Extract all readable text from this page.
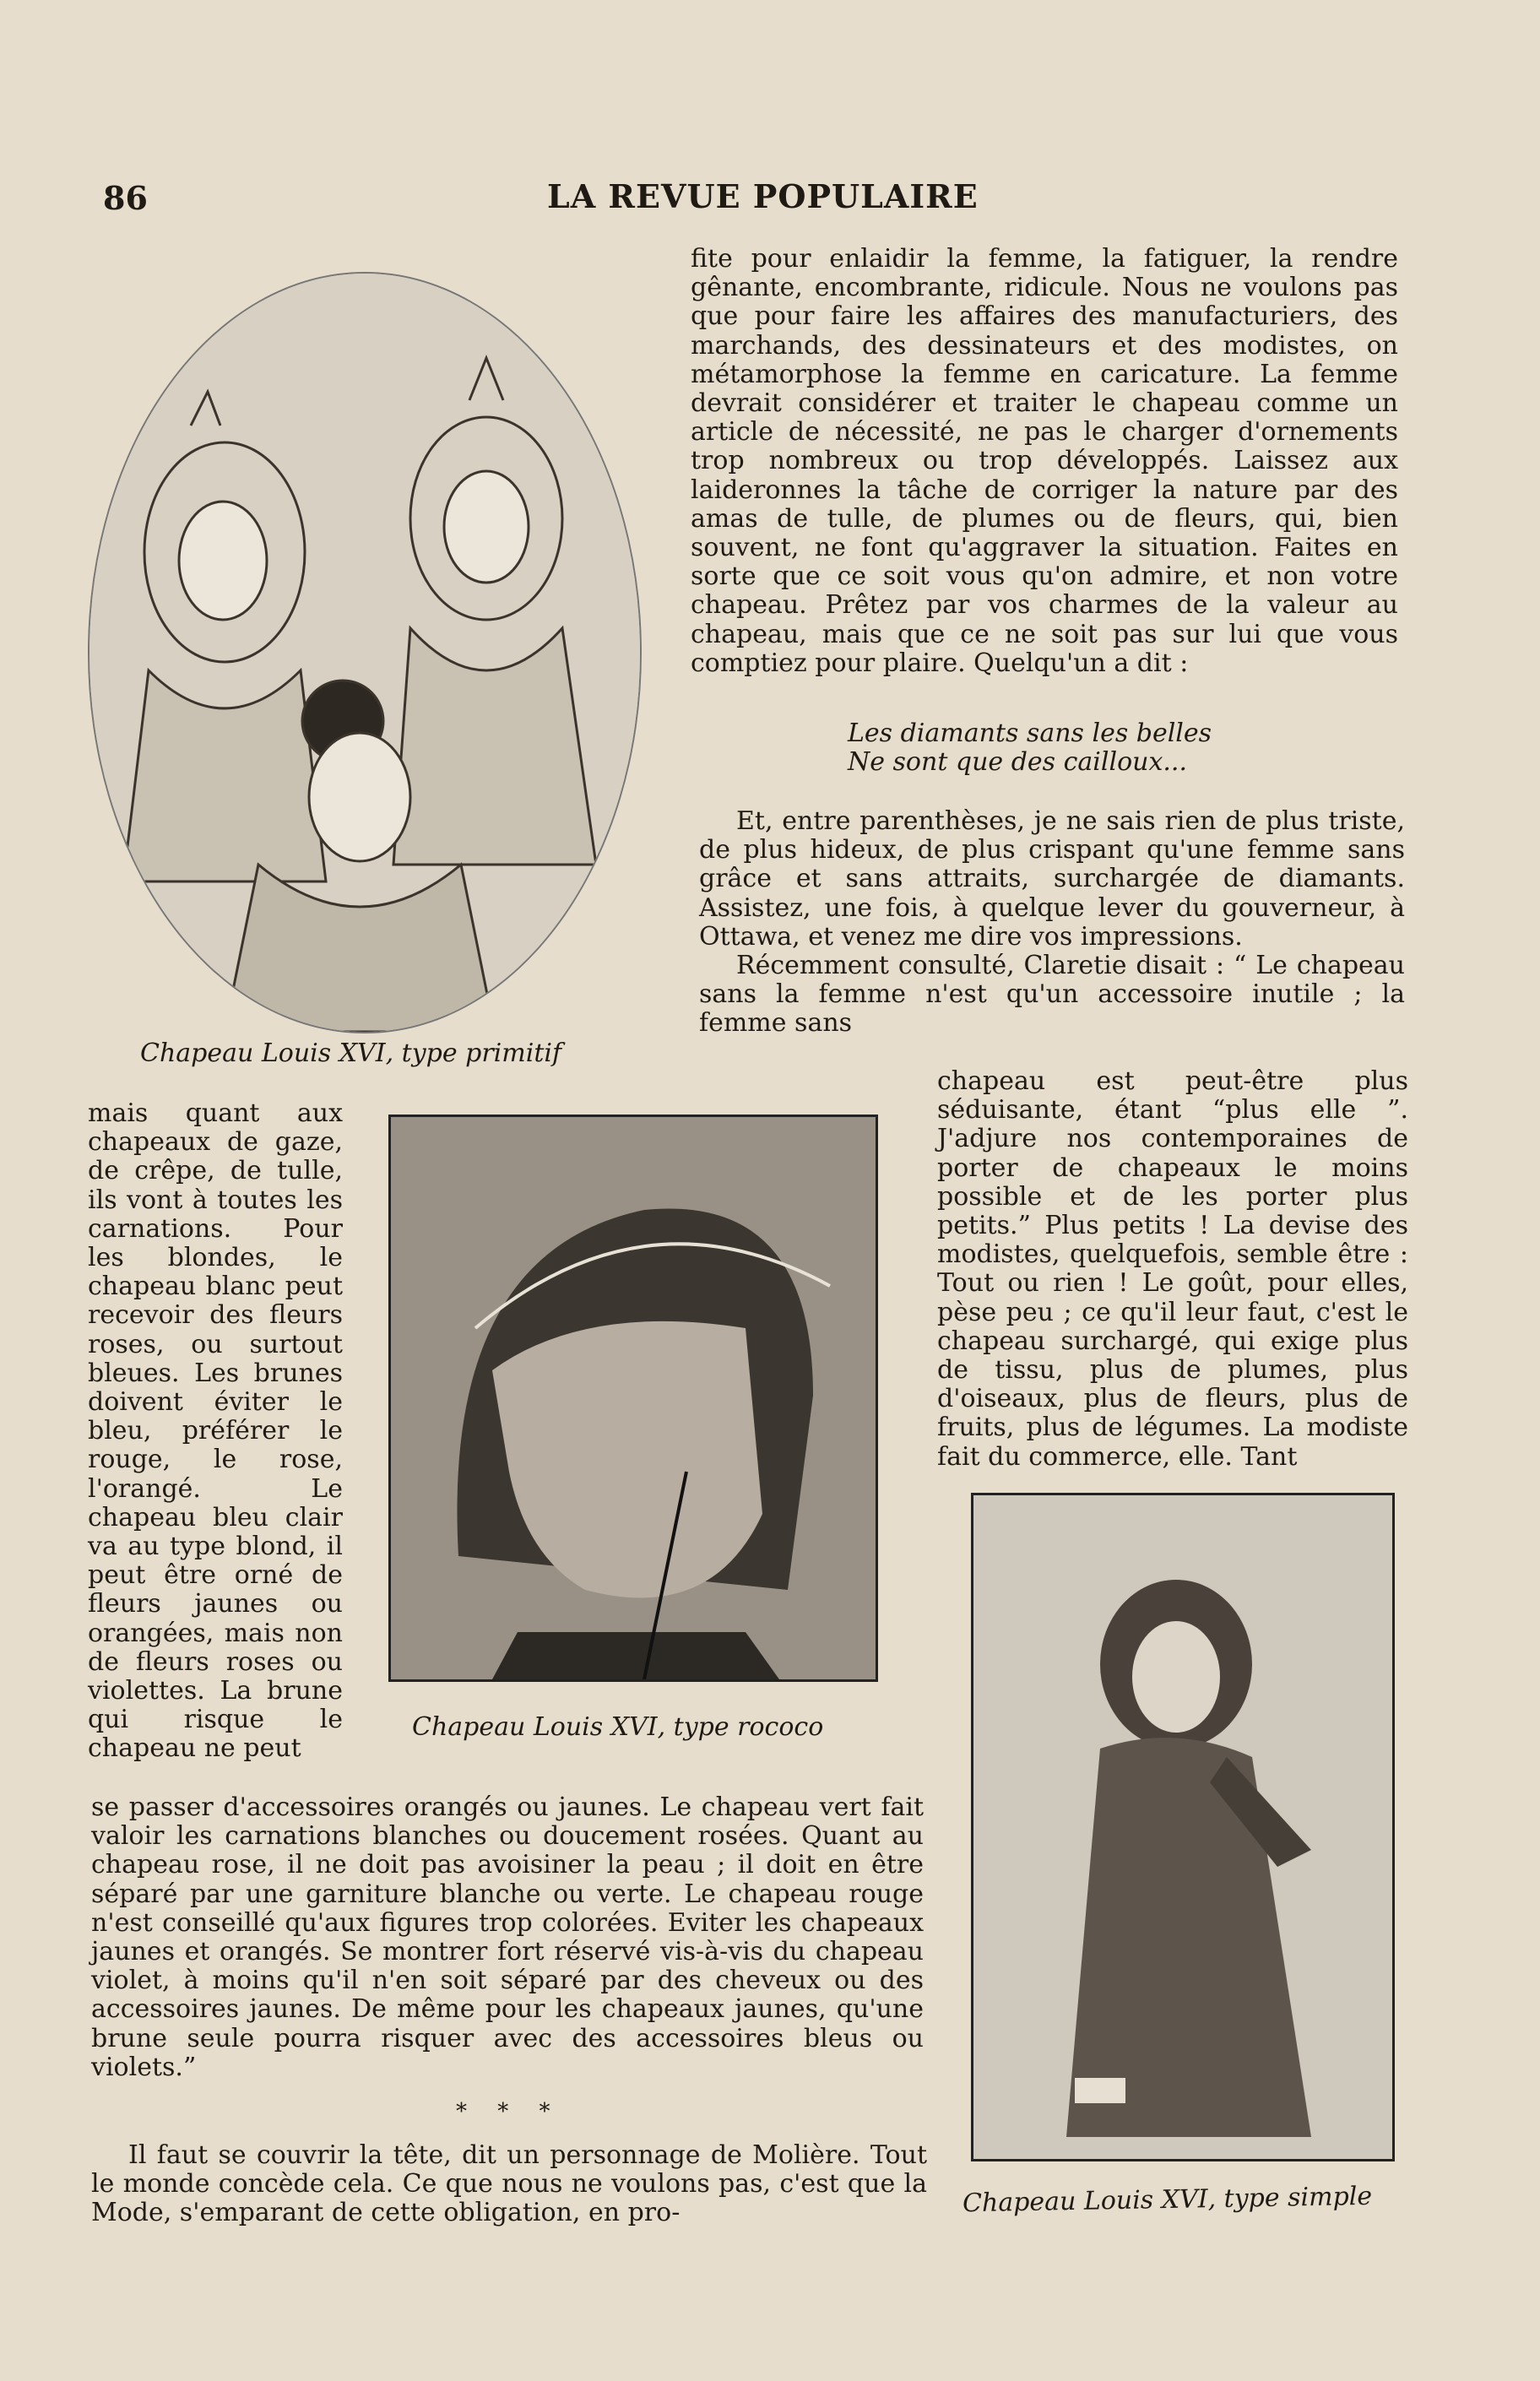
86	LA REVUE POPULAIRE
Chapeau Louis XVI, type primitif

fite pour enlaidir la femme, la fatiguer, la rendre gênante, encombrante, ridicule. Nous ne voulons pas que pour faire les affaires des manufacturiers, des marchands, des dessinateurs et des modistes, on métamorphose la femme en caricature. La femme devrait considérer et traiter le chapeau comme un article de nécessité, ne pas le charger d'ornements trop nombreux ou trop développés. Laissez aux laideronnes la tâche de corriger la nature par des amas de tulle, de plumes ou de fleurs, qui, bien souvent, ne font qu'aggraver la situation. Faites en sorte que ce soit vous qu'on admire, et non votre chapeau. Prêtez par vos charmes de la valeur au chapeau, mais que ce ne soit pas sur lui que vous comptiez pour plaire. Quelqu'un a dit :

Les diamants sans les belles
Ne sont que des cailloux...

Et, entre parenthèses, je ne sais rien de plus triste, de plus hideux, de plus crispant qu'une femme sans grâce et sans attraits, surchargée de diamants. Assistez, une fois, à quelque lever du gouverneur, à Ottawa, et venez me dire vos impressions.

Récemment consulté, Claretie disait : “ Le chapeau sans la femme n'est qu'un accessoire inutile ; la femme sans

chapeau est peut-être plus séduisante, étant “plus elle ”. J'adjure nos contemporaines de porter de chapeaux le moins possible et de les porter plus petits.” Plus petits ! La devise des modistes, quelquefois, semble être : Tout ou rien ! Le goût, pour elles, pèse peu ; ce qu'il leur faut, c'est le chapeau surchargé, qui exige plus de tissu, plus de plumes, plus d'oiseaux, plus de fleurs, plus de fruits, plus de légumes. La modiste fait du commerce, elle. Tant

Chapeau Louis XVI, type rococo

mais quant aux chapeaux de gaze, de crêpe, de tulle, ils vont à toutes les carnations. Pour les blondes, le chapeau blanc peut recevoir des fleurs roses, ou surtout bleues. Les brunes doivent éviter le bleu, préférer le rouge, le rose, l'orangé. Le chapeau bleu clair va au type blond, il peut être orné de fleurs jaunes ou orangées, mais non de fleurs roses ou violettes. La brune qui risque le chapeau ne peut

se passer d'accessoires orangés ou jaunes. Le chapeau vert fait valoir les carnations blanches ou doucement rosées. Quant au chapeau rose, il ne doit pas avoisiner la peau ; il doit en être séparé par une garniture blanche ou verte. Le chapeau rouge n'est conseillé qu'aux figures trop colorées. Eviter les chapeaux jaunes et orangés. Se montrer fort réservé vis-à-vis du chapeau violet, à moins qu'il n'en soit séparé par des cheveux ou des accessoires jaunes. De même pour les chapeaux jaunes, qu'une brune seule pourra risquer avec des accessoires bleus ou violets.”

* * *

Il faut se couvrir la tête, dit un personnage de Molière. Tout le monde concède cela. Ce que nous ne voulons pas, c'est que la Mode, s'emparant de cette obligation, en pro-	Chapeau Louis XVI, type simple
